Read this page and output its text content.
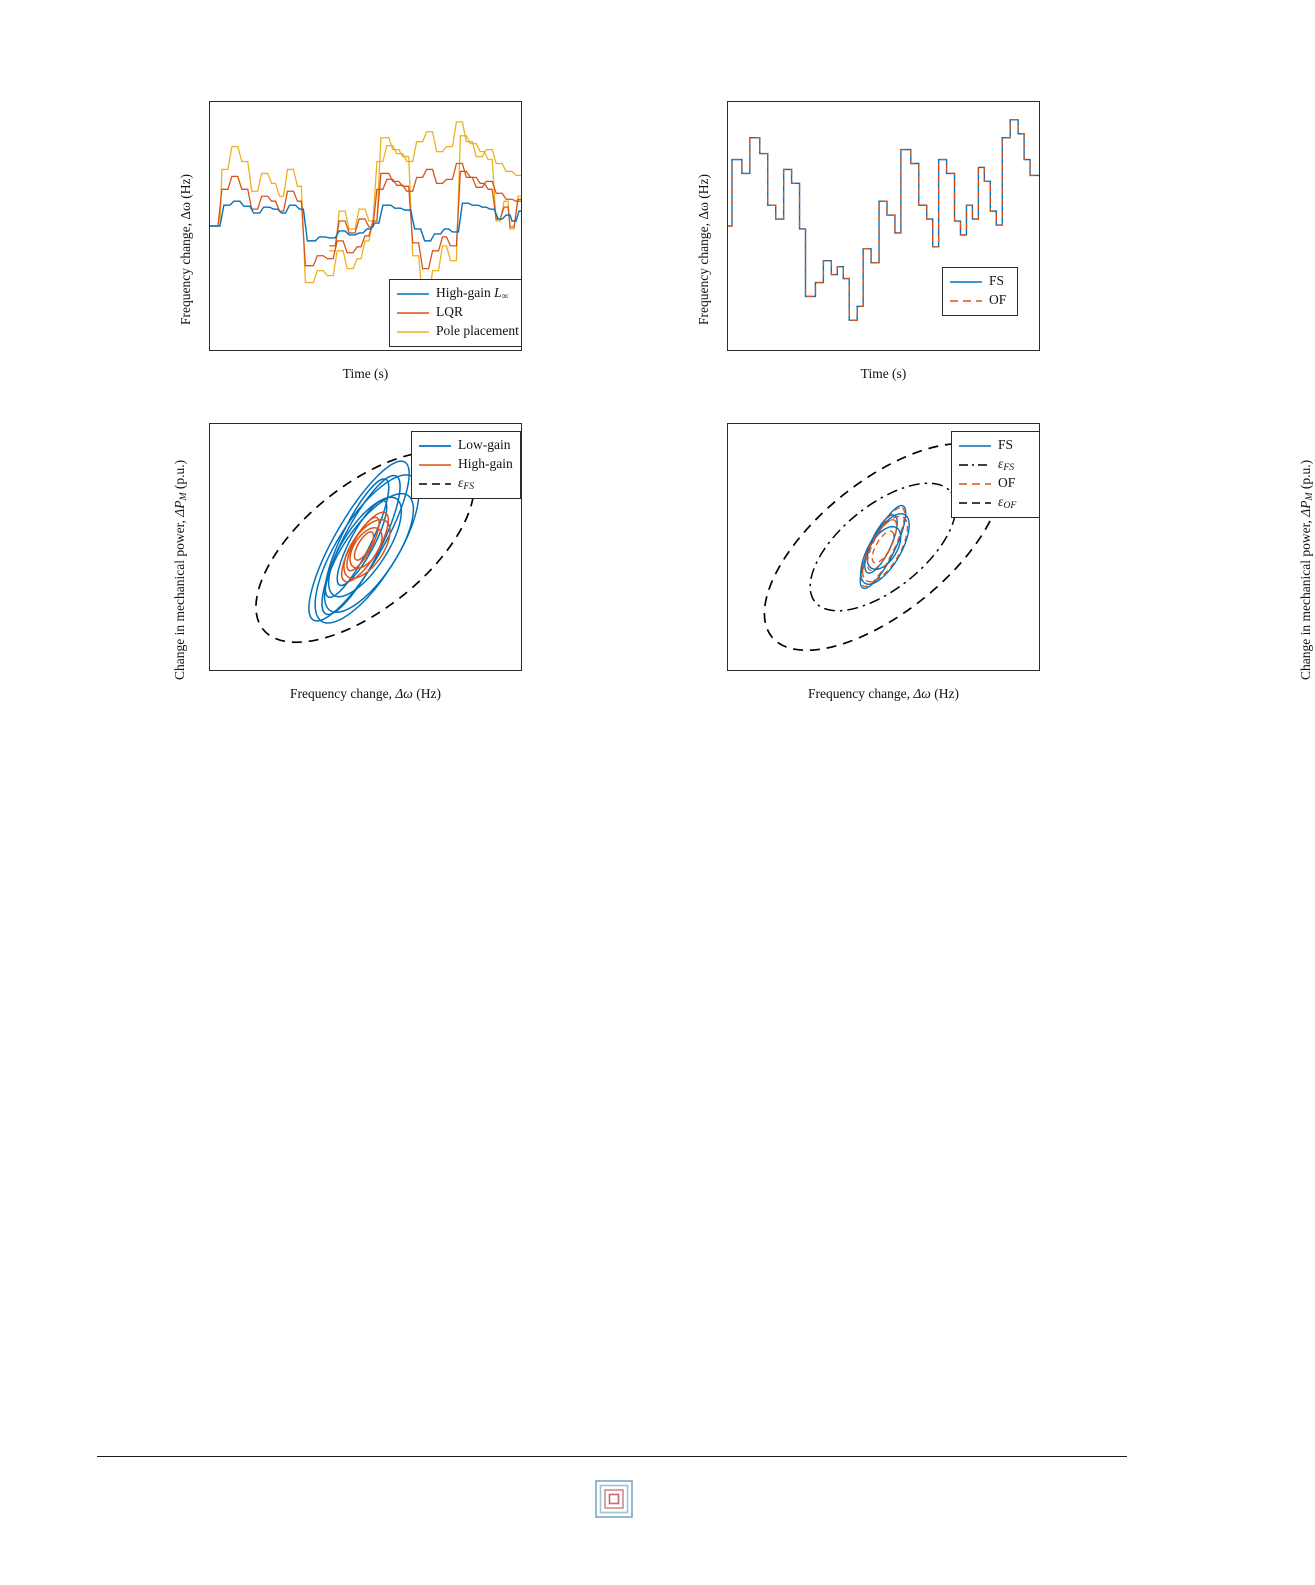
Frequency change, Δω (Hz)	High-gain $L_\infty$
LQR
Pole placement
Time (s)
Frequency change, Δω (Hz)	FS
OF
Time (s)
Change in mechanical power, $\Delta P_M$ (p.u.)
Low-gain
High-gain
$\varepsilon_{FS}$
Frequency change, Δω (Hz)
Change in mechanical power, $\Delta P_M$ (p.u.)
FS
$\varepsilon_{FS}$
OF
$\varepsilon_{OF}$
Frequency change, Δω (Hz)
